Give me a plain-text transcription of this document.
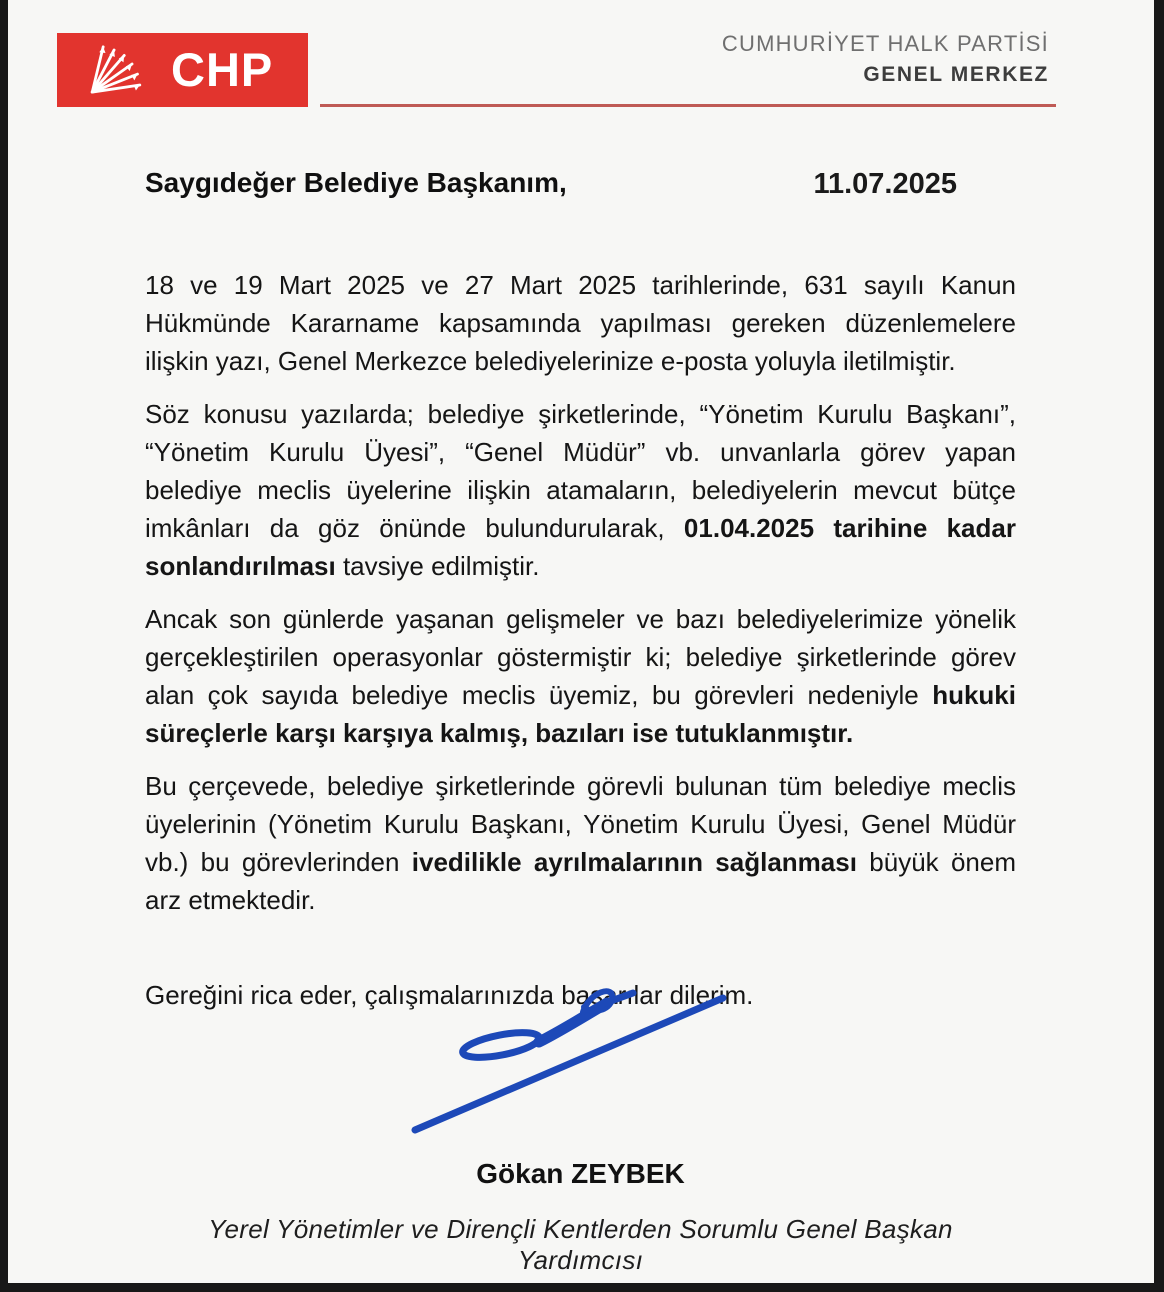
CHP	CUMHURİYET HALK PARTİSİ
GENEL MERKEZ
Saygıdeğer Belediye Başkanım,	11.07.2025

18 ve 19 Mart 2025 ve 27 Mart 2025 tarihlerinde, 631 sayılı Kanun Hükmünde Kararname kapsamında yapılması gereken düzenlemelere ilişkin yazı, Genel Merkezce belediyelerinize e-posta yoluyla iletilmiştir.

Söz konusu yazılarda; belediye şirketlerinde, “Yönetim Kurulu Başkanı”, “Yönetim Kurulu Üyesi”, “Genel Müdür” vb. unvanlarla görev yapan belediye meclis üyelerine ilişkin atamaların, belediyelerin mevcut bütçe imkânları da göz önünde bulundurularak, 01.04.2025 tarihine kadar sonlandırılması tavsiye edilmiştir.

Ancak son günlerde yaşanan gelişmeler ve bazı belediyelerimize yönelik gerçekleştirilen operasyonlar göstermiştir ki; belediye şirketlerinde görev alan çok sayıda belediye meclis üyemiz, bu görevleri nedeniyle hukuki süreçlerle karşı karşıya kalmış, bazıları ise tutuklanmıştır.

Bu çerçevede, belediye şirketlerinde görevli bulunan tüm belediye meclis üyelerinin (Yönetim Kurulu Başkanı, Yönetim Kurulu Üyesi, Genel Müdür vb.) bu görevlerinden ivedilikle ayrılmalarının sağlanması büyük önem arz etmektedir.

Gereğini rica eder, çalışmalarınızda başarılar dilerim.

Gökan ZEYBEK
Yerel Yönetimler ve Dirençli Kentlerden Sorumlu Genel Başkan Yardımcısı
